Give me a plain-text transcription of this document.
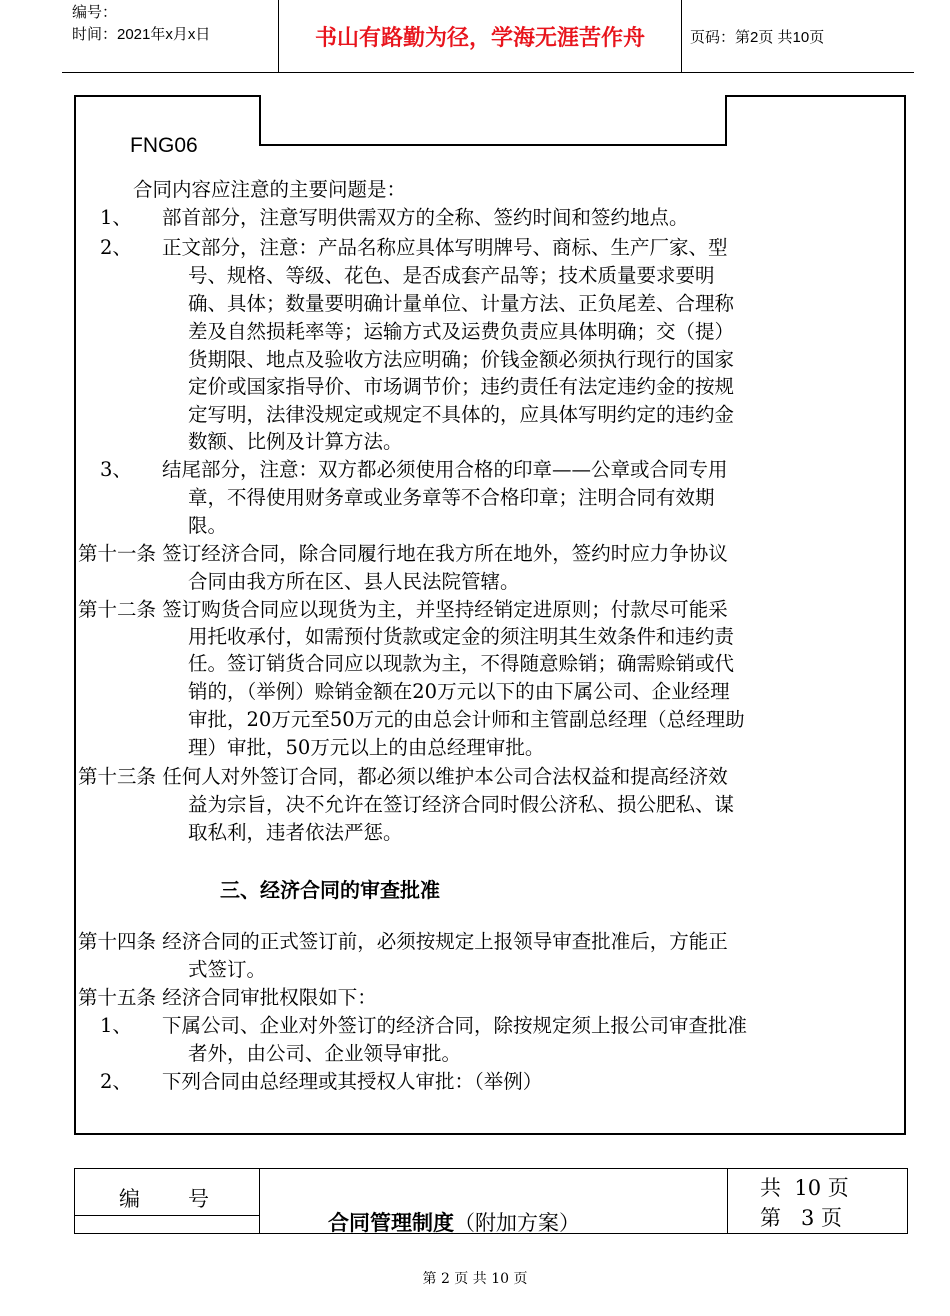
编号：
时间：2021年x月x日	书山有路勤为径，学海无涯苦作舟	页码：第2页 共10页
FNG06
合同内容应注意的主要问题是：
1、 部首部分，注意写明供需双方的全称、签约时间和签约地点。
2、 正文部分，注意：产品名称应具体写明牌号、商标、生产厂家、型
号、规格、等级、花色、是否成套产品等；技术质量要求要明
确、具体；数量要明确计量单位、计量方法、正负尾差、合理称
差及自然损耗率等；运输方式及运费负责应具体明确；交（提）
货期限、地点及验收方法应明确；价钱金额必须执行现行的国家
定价或国家指导价、市场调节价；违约责任有法定违约金的按规
定写明，法律没规定或规定不具体的，应具体写明约定的违约金
数额、比例及计算方法。
3、 结尾部分，注意：双方都必须使用合格的印章——公章或合同专用
章，不得使用财务章或业务章等不合格印章；注明合同有效期
限。
第十一条 签订经济合同，除合同履行地在我方所在地外，签约时应力争协议
合同由我方所在区、县人民法院管辖。
第十二条 签订购货合同应以现货为主，并坚持经销定进原则；付款尽可能采
用托收承付，如需预付货款或定金的须注明其生效条件和违约责
任。签订销货合同应以现款为主，不得随意赊销；确需赊销或代
销的，（举例）赊销金额在20万元以下的由下属公司、企业经理
审批，20万元至50万元的由总会计师和主管副总经理（总经理助
理）审批，50万元以上的由总经理审批。
第十三条 任何人对外签订合同，都必须以维护本公司合法权益和提高经济效
益为宗旨，决不允许在签订经济合同时假公济私、损公肥私、谋
取私利，违者依法严惩。
第十四条 经济合同的正式签订前，必须按规定上报领导审查批准后，方能正
式签订。
第十五条 经济合同审批权限如下：
1、 下属公司、企业对外签订的经济合同，除按规定须上报公司审查批准
者外，由公司、企业领导审批。
2、 下列合同由总经理或其授权人审批：（举例）
三、经济合同的审查批准
编号
合同管理制度（附加方案）
共  10 页
第   3 页
第 2 页 共 10 页
